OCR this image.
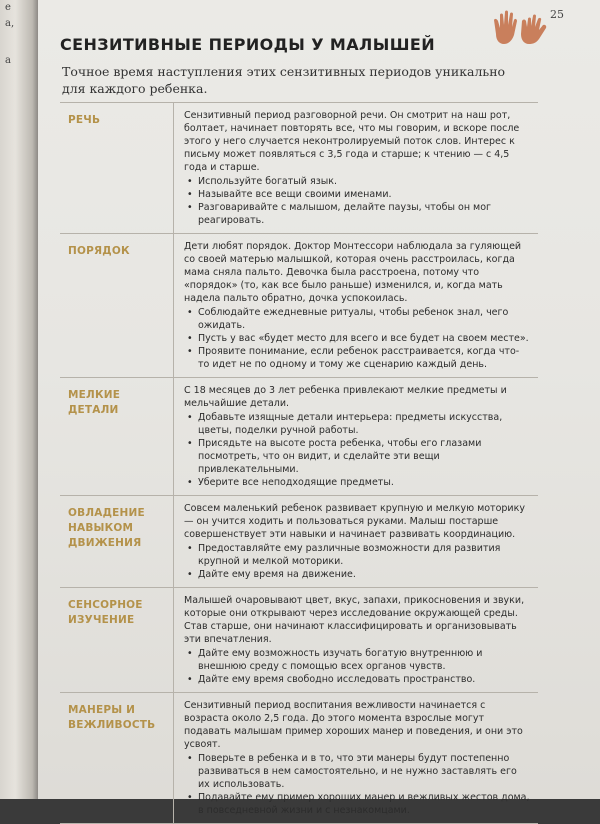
e
a,
a
25
СЕНЗИТИВНЫЕ ПЕРИОДЫ У МАЛЫШЕЙ

Точное время наступления этих сензитивных периодов уникально для каждого ребенка.

РЕЧЬ	Сензитивный период разговорной речи. Он смотрит на наш рот, болтает, начинает повторять все, что мы говорим, и вскоре после этого у него случается неконтролируемый поток слов. Интерес к письму может появляться с 3,5 года и старше; к чтению — с 4,5 года и старше.

• Используйте богатый язык.
• Называйте все вещи своими именами.
• Разговаривайте с малышом, делайте паузы, чтобы он мог реагировать.
ПОРЯДОК	Дети любят порядок. Доктор Монтессори наблюдала за гуляющей со своей матерью малышкой, которая очень расстроилась, когда мама сняла пальто. Девочка была расстроена, потому что «порядок» (то, как все было раньше) изменился, и, когда мать надела пальто обратно, дочка успокоилась.

• Соблюдайте ежедневные ритуалы, чтобы ребенок знал, чего ожидать.
• Пусть у вас «будет место для всего и все будет на своем месте».
• Проявите понимание, если ребенок расстраивается, когда что-то идет не по одному и тому же сценарию каждый день.
МЕЛКИЕ ДЕТАЛИ

С 18 месяцев до 3 лет ребенка привлекают мелкие предметы и мельчайшие детали.

• Добавьте изящные детали интерьера: предметы искусства, цветы, поделки ручной работы.
• Присядьте на высоте роста ребенка, чтобы его глазами посмотреть, что он видит, и сделайте эти вещи привлекательными.
• Уберите все неподходящие предметы.
ОВЛАДЕНИЕ НАВЫКОМ ДВИЖЕНИЯ

Совсем маленький ребенок развивает крупную и мелкую моторику — он учится ходить и пользоваться руками. Малыш постарше совершенствует эти навыки и начинает развивать координацию.

• Предоставляйте ему различные возможности для развития крупной и мелкой моторики.
• Дайте ему время на движение.
СЕНСОРНОЕ ИЗУЧЕНИЕ

Малышей очаровывают цвет, вкус, запахи, прикосновения и звуки, которые они открывают через исследование окружающей среды. Став старше, они начинают классифицировать и организовывать эти впечатления.

• Дайте ему возможность изучать богатую внутреннюю и внешнюю среду с помощью всех органов чувств.
• Дайте ему время свободно исследовать пространство.
МАНЕРЫ И ВЕЖЛИВОСТЬ

Сензитивный период воспитания вежливости начинается с возраста около 2,5 года. До этого момента взрослые могут подавать малышам пример хороших манер и поведения, и они это усвоят.

• Поверьте в ребенка и в то, что эти манеры будут постепенно развиваться в нем самостоятельно, и не нужно заставлять его их использовать.
• Подавайте ему пример хороших манер и вежливых жестов дома, в повседневной жизни и с незнакомцами.
